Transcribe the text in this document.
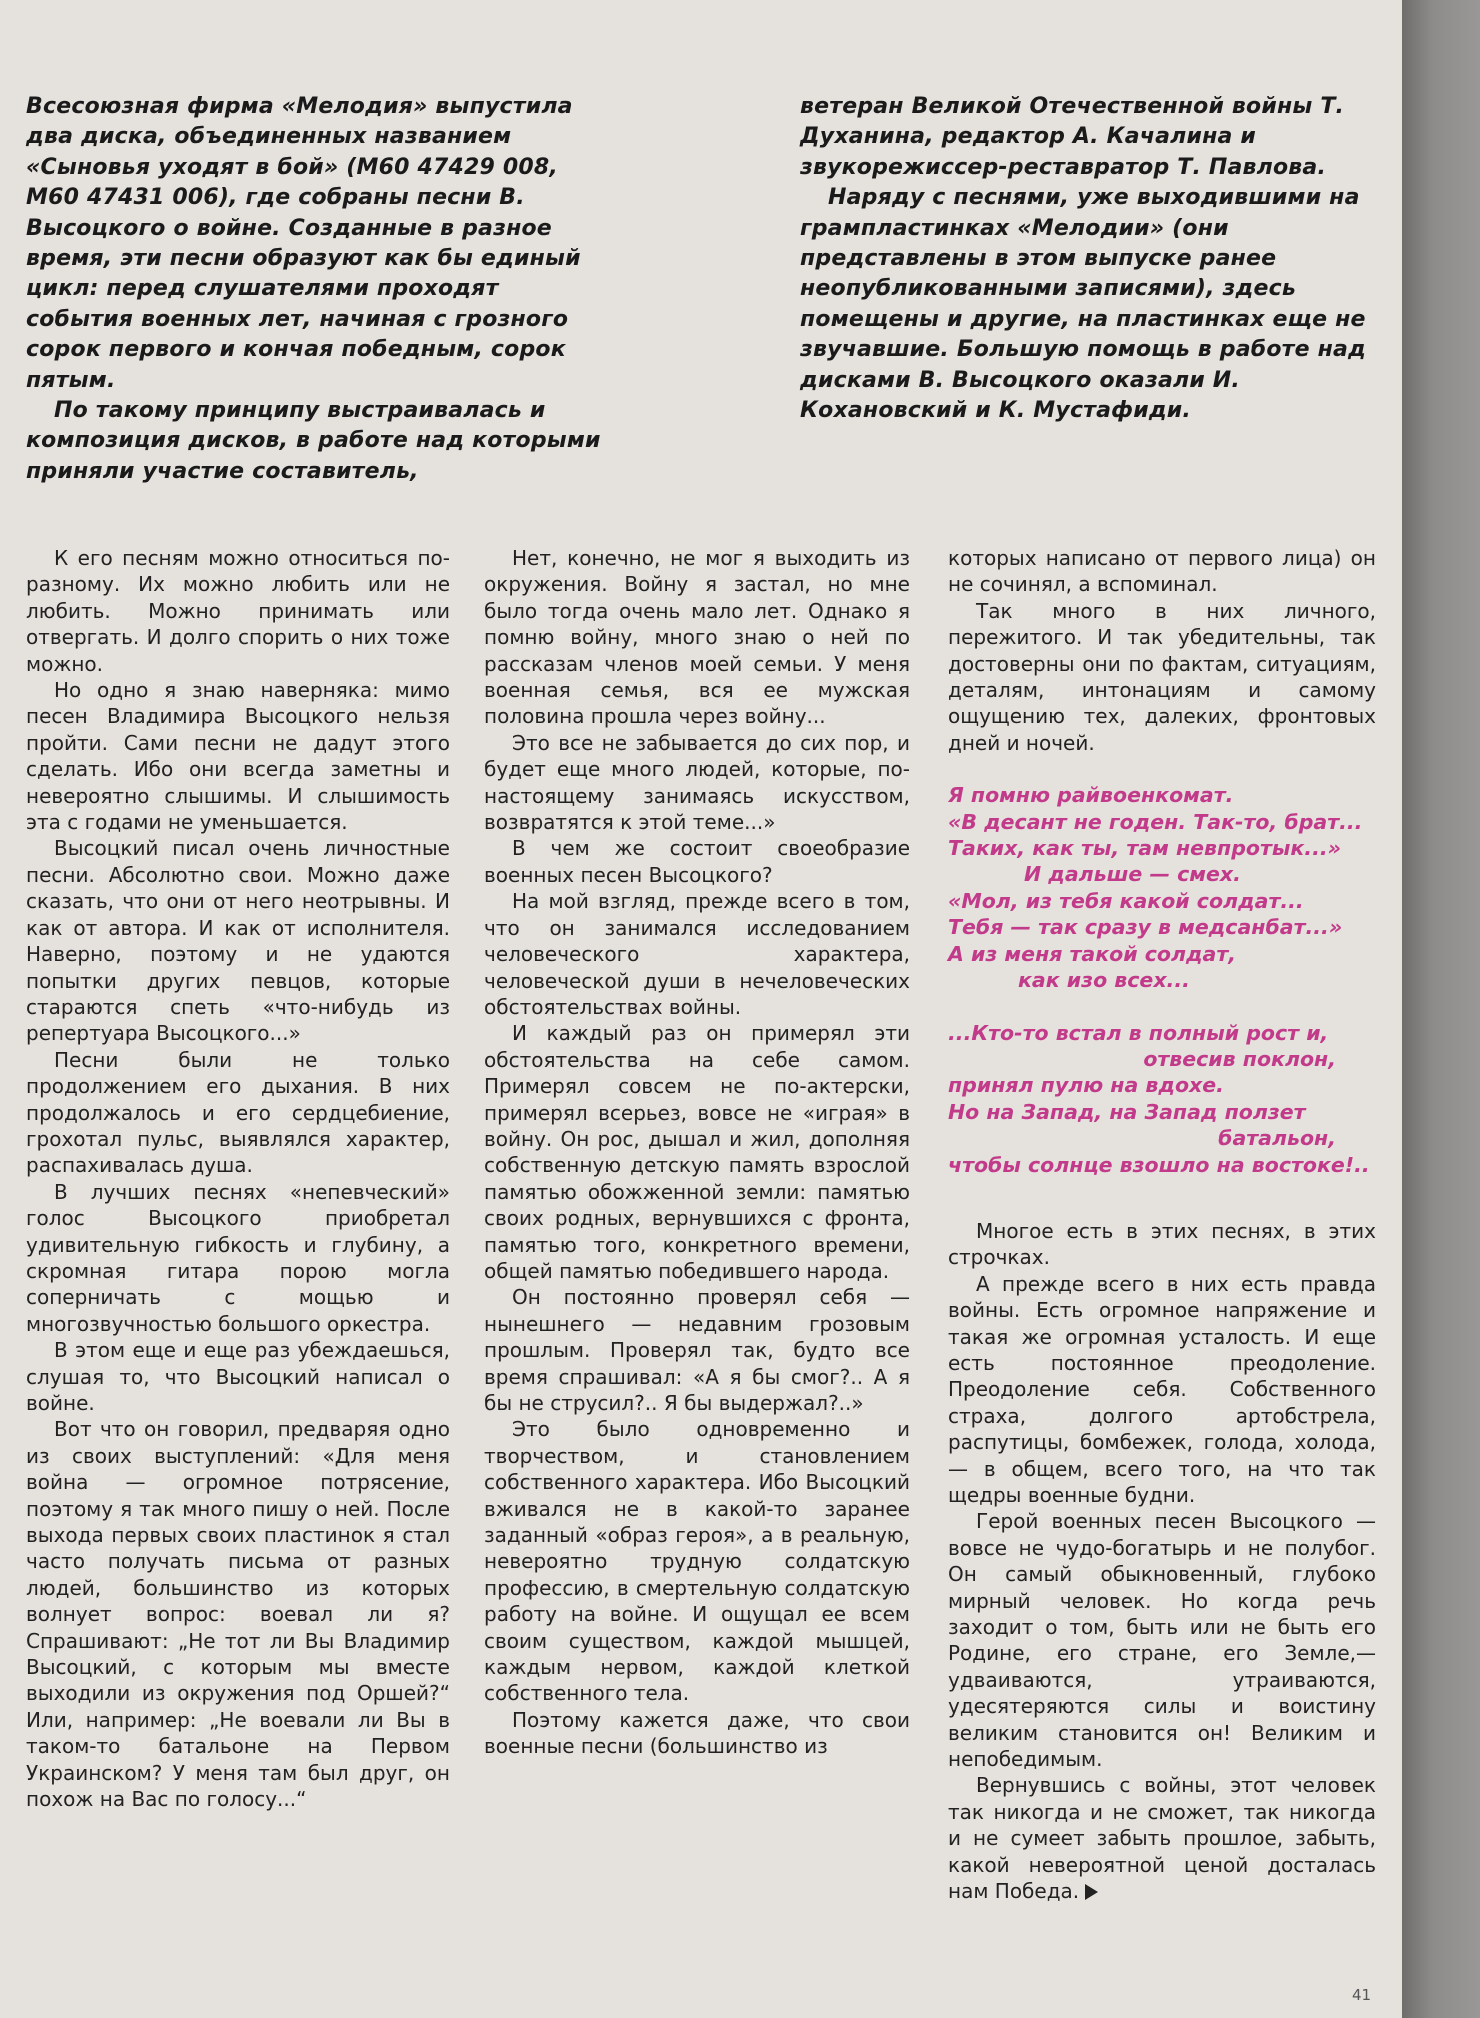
Всесоюзная фирма «Мелодия» выпустила два диска, объединенных названием «Сыновья уходят в бой» (М60 47429 008, М60 47431 006), где собраны песни В. Высоцкого о войне. Созданные в разное время, эти песни образуют как бы единый цикл: перед слушателями проходят события военных лет, начиная с грозного сорок первого и кончая победным, сорок пятым.

По такому принципу выстраивалась и композиция дисков, в работе над которыми приняли участие составитель,

ветеран Великой Отечественной войны Т. Духанина, редактор А. Качалина и звукорежиссер-реставратор Т. Павлова.

Наряду с песнями, уже выходившими на грампластинках «Мелодии» (они представлены в этом выпуске ранее неопубликованными записями), здесь помещены и другие, на пластинках еще не звучавшие. Большую помощь в работе над дисками В. Высоцкого оказали И. Кохановский и К. Мустафиди.

К его песням можно относиться по-разному. Их можно любить или не любить. Можно принимать или отвергать. И долго спорить о них тоже можно.

Но одно я знаю наверняка: мимо песен Владимира Высоцкого нельзя пройти. Сами песни не дадут этого сделать. Ибо они всегда заметны и невероятно слышимы. И слышимость эта с годами не уменьшается.

Высоцкий писал очень личностные песни. Абсолютно свои. Можно даже сказать, что они от него неотрывны. И как от автора. И как от исполнителя. Наверно, поэтому и не удаются попытки других певцов, которые стараются спеть «что-нибудь из репертуара Высоцкого...»

Песни были не только продолжением его дыхания. В них продолжалось и его сердцебиение, грохотал пульс, выявлялся характер, распахивалась душа.

В лучших песнях «непевческий» голос Высоцкого приобретал удивительную гибкость и глубину, а скромная гитара порою могла соперничать с мощью и многозвучностью большого оркестра.

В этом еще и еще раз убеждаешься, слушая то, что Высоцкий написал о войне.

Вот что он говорил, предваряя одно из своих выступлений: «Для меня война — огромное потрясение, поэтому я так много пишу о ней. После выхода первых своих пластинок я стал часто получать письма от разных людей, большинство из которых волнует вопрос: воевал ли я? Спрашивают: „Не тот ли Вы Владимир Высоцкий, с которым мы вместе выходили из окружения под Оршей?“ Или, например: „Не воевали ли Вы в таком-то батальоне на Первом Украинском? У меня там был друг, он похож на Вас по голосу...“

Нет, конечно, не мог я выходить из окружения. Войну я застал, но мне было тогда очень мало лет. Однако я помню войну, много знаю о ней по рассказам членов моей семьи. У меня военная семья, вся ее мужская половина прошла через войну...

Это все не забывается до сих пор, и будет еще много людей, которые, по-настоящему занимаясь искусством, возвратятся к этой теме...»

В чем же состоит своеобразие военных песен Высоцкого?

На мой взгляд, прежде всего в том, что он занимался исследованием человеческого характера, человеческой души в нечеловеческих обстоятельствах войны.

И каждый раз он примерял эти обстоятельства на себе самом. Примерял совсем не по-актерски, примерял всерьез, вовсе не «играя» в войну. Он рос, дышал и жил, дополняя собственную детскую память взрослой памятью обожженной земли: памятью своих родных, вернувшихся с фронта, памятью того, конкретного времени, общей памятью победившего народа.

Он постоянно проверял себя — нынешнего — недавним грозовым прошлым. Проверял так, будто все время спрашивал: «А я бы смог?.. А я бы не струсил?.. Я бы выдержал?..»

Это было одновременно и творчеством, и становлением собственного характера. Ибо Высоцкий вживался не в какой-то заранее заданный «образ героя», а в реальную, невероятно трудную солдатскую профессию, в смертельную солдатскую работу на войне. И ощущал ее всем своим существом, каждой мышцей, каждым нервом, каждой клеткой собственного тела.

Поэтому кажется даже, что свои военные песни (большинство из

которых написано от первого лица) он не сочинял, а вспоминал.

Так много в них личного, пережитого. И так убедительны, так достоверны они по фактам, ситуациям, деталям, интонациям и самому ощущению тех, далеких, фронтовых дней и ночей.

Я помню райвоенкомат.
«В десант не годен. Так-то, брат...
Таких, как ты, там невпротык...»
И дальше — смех.
«Мол, из тебя какой солдат...
Тебя — так сразу в медсанбат...»
А из меня такой солдат,
как изо всех...
...Кто-то встал в полный рост и,
отвесив поклон,
принял пулю на вдохе.
Но на Запад, на Запад ползет
батальон,
чтобы солнце взошло на востоке!..

Многое есть в этих песнях, в этих строчках.

А прежде всего в них есть правда войны. Есть огромное напряжение и такая же огромная усталость. И еще есть постоянное преодоление. Преодоление себя. Собственного страха, долгого артобстрела, распутицы, бомбежек, голода, холода,— в общем, всего того, на что так щедры военные будни.

Герой военных песен Высоцкого — вовсе не чудо-богатырь и не полубог. Он самый обыкновенный, глубоко мирный человек. Но когда речь заходит о том, быть или не быть его Родине, его стране, его Земле,— удваиваются, утраиваются, удесятеряются силы и воистину великим становится он! Великим и непобедимым.

Вернувшись с войны, этот человек так никогда и не сможет, так никогда и не сумеет забыть прошлое, забыть, какой невероятной ценой досталась нам Победа.

41
